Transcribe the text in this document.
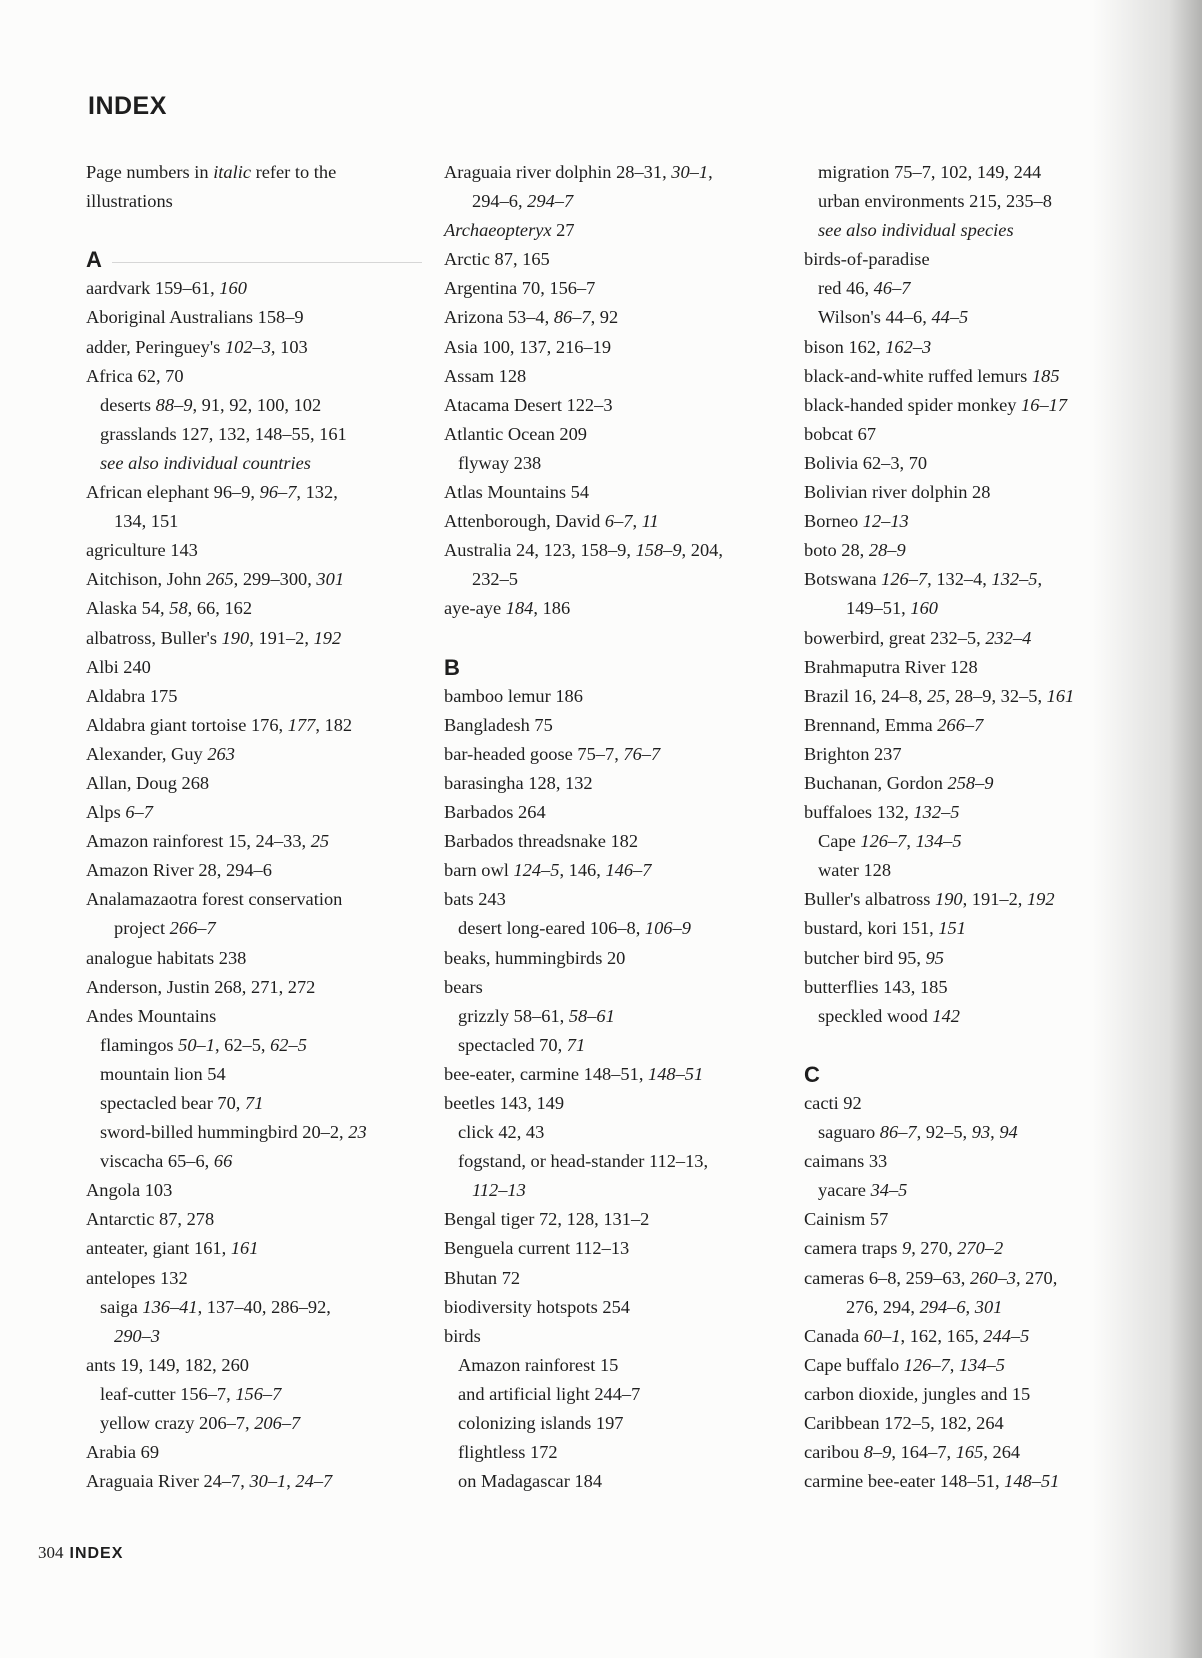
INDEX
Page numbers in italic refer to the
illustrations
A
aardvark 159–61, 160
Aboriginal Australians 158–9
adder, Peringuey's 102–3, 103
Africa 62, 70
deserts 88–9, 91, 92, 100, 102
grasslands 127, 132, 148–55, 161
see also individual countries
African elephant 96–9, 96–7, 132,
134, 151
agriculture 143
Aitchison, John 265, 299–300, 301
Alaska 54, 58, 66, 162
albatross, Buller's 190, 191–2, 192
Albi 240
Aldabra 175
Aldabra giant tortoise 176, 177, 182
Alexander, Guy 263
Allan, Doug 268
Alps 6–7
Amazon rainforest 15, 24–33, 25
Amazon River 28, 294–6
Analamazaotra forest conservation
project 266–7
analogue habitats 238
Anderson, Justin 268, 271, 272
Andes Mountains
flamingos 50–1, 62–5, 62–5
mountain lion 54
spectacled bear 70, 71
sword-billed hummingbird 20–2, 23
viscacha 65–6, 66
Angola 103
Antarctic 87, 278
anteater, giant 161, 161
antelopes 132
saiga 136–41, 137–40, 286–92,
290–3
ants 19, 149, 182, 260
leaf-cutter 156–7, 156–7
yellow crazy 206–7, 206–7
Arabia 69
Araguaia River 24–7, 30–1, 24–7
Araguaia river dolphin 28–31, 30–1,
294–6, 294–7
Archaeopteryx 27
Arctic 87, 165
Argentina 70, 156–7
Arizona 53–4, 86–7, 92
Asia 100, 137, 216–19
Assam 128
Atacama Desert 122–3
Atlantic Ocean 209
flyway 238
Atlas Mountains 54
Attenborough, David 6–7, 11
Australia 24, 123, 158–9, 158–9, 204,
232–5
aye-aye 184, 186
B
bamboo lemur 186
Bangladesh 75
bar-headed goose 75–7, 76–7
barasingha 128, 132
Barbados 264
Barbados threadsnake 182
barn owl 124–5, 146, 146–7
bats 243
desert long-eared 106–8, 106–9
beaks, hummingbirds 20
bears
grizzly 58–61, 58–61
spectacled 70, 71
bee-eater, carmine 148–51, 148–51
beetles 143, 149
click 42, 43
fogstand, or head-stander 112–13,
112–13
Bengal tiger 72, 128, 131–2
Benguela current 112–13
Bhutan 72
biodiversity hotspots 254
birds
Amazon rainforest 15
and artificial light 244–7
colonizing islands 197
flightless 172
on Madagascar 184
migration 75–7, 102, 149, 244
urban environments 215, 235–8
see also individual species
birds-of-paradise
red 46, 46–7
Wilson's 44–6, 44–5
bison 162, 162–3
black-and-white ruffed lemurs 185
black-handed spider monkey 16–17
bobcat 67
Bolivia 62–3, 70
Bolivian river dolphin 28
Borneo 12–13
boto 28, 28–9
Botswana 126–7, 132–4, 132–5,
149–51, 160
bowerbird, great 232–5, 232–4
Brahmaputra River 128
Brazil 16, 24–8, 25, 28–9, 32–5, 161
Brennand, Emma 266–7
Brighton 237
Buchanan, Gordon 258–9
buffaloes 132, 132–5
Cape 126–7, 134–5
water 128
Buller's albatross 190, 191–2, 192
bustard, kori 151, 151
butcher bird 95, 95
butterflies 143, 185
speckled wood 142
C
cacti 92
saguaro 86–7, 92–5, 93, 94
caimans 33
yacare 34–5
Cainism 57
camera traps 9, 270, 270–2
cameras 6–8, 259–63, 260–3, 270,
276, 294, 294–6, 301
Canada 60–1, 162, 165, 244–5
Cape buffalo 126–7, 134–5
carbon dioxide, jungles and 15
Caribbean 172–5, 182, 264
caribou 8–9, 164–7, 165, 264
carmine bee-eater 148–51, 148–51
304 INDEX
